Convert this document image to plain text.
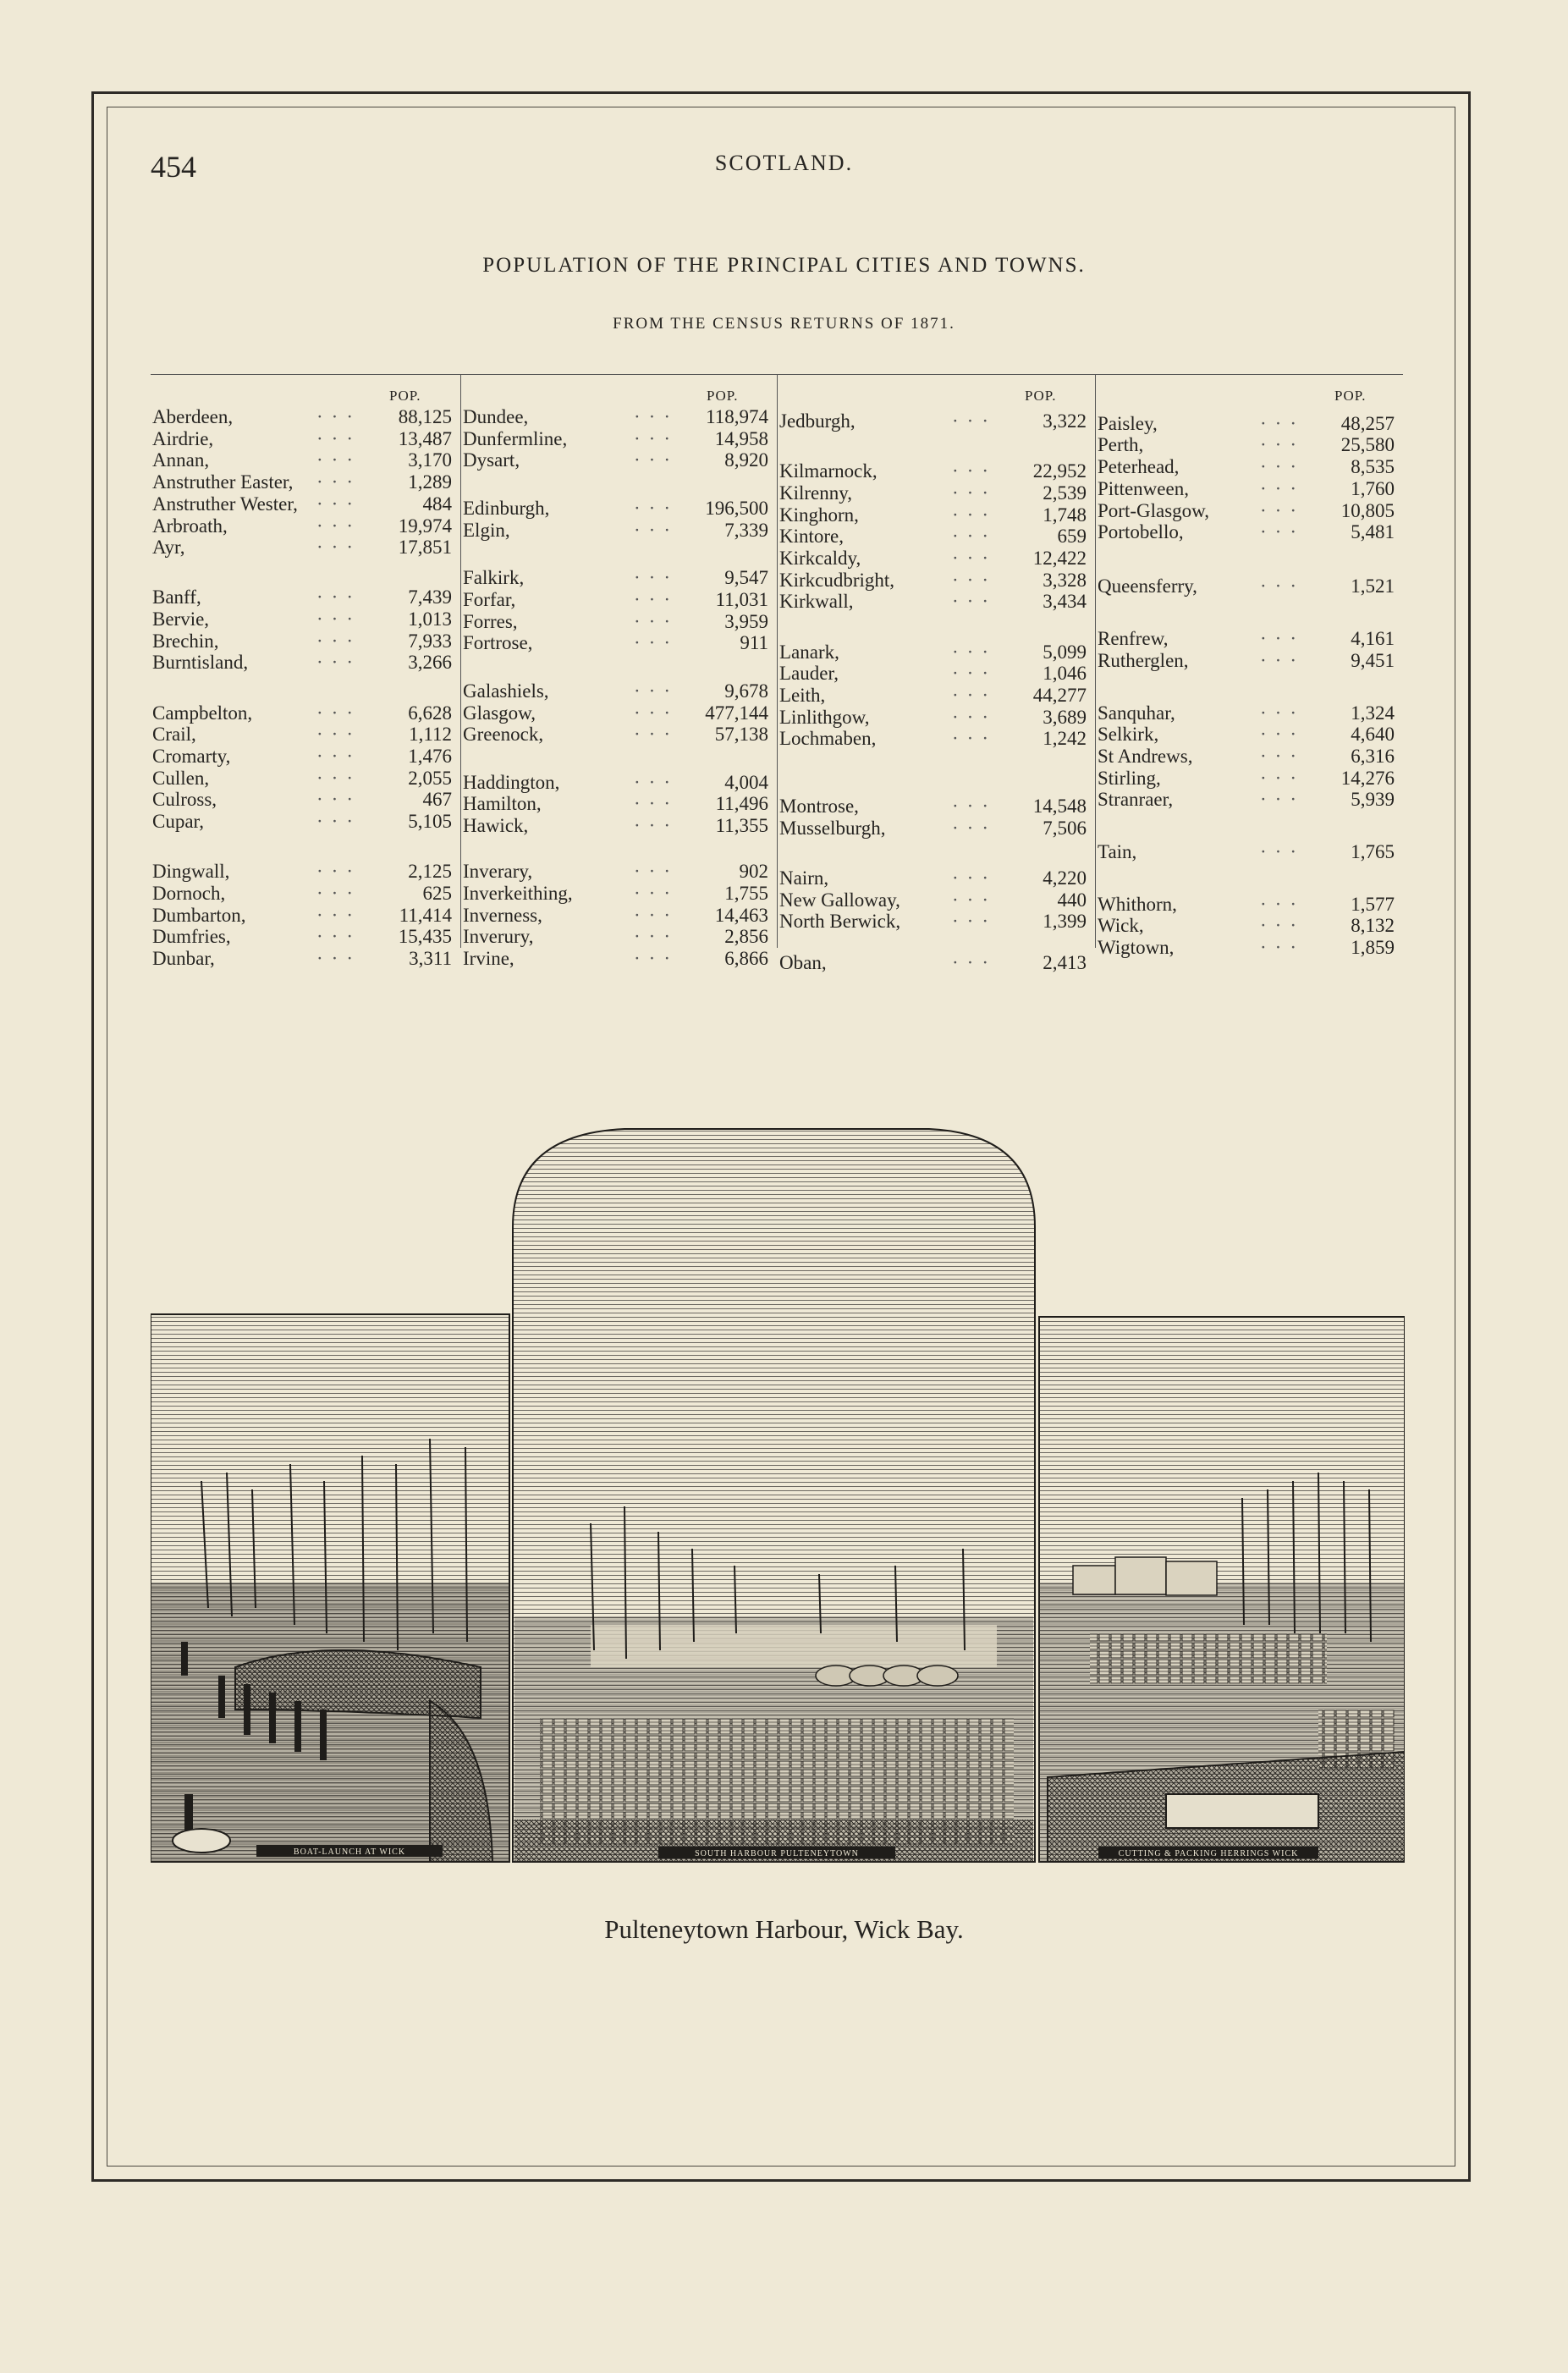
454	SCOTLAND.
POPULATION OF THE PRINCIPAL CITIES AND TOWNS.
FROM THE CENSUS RETURNS OF 1871.
POP.
Aberdeen,	··· 88,125
Airdrie,	··· 13,487
Annan,	··· 3,170
Anstruther Easter, ··· 1,289
Anstruther Wester, ···	484
Arbroath,	··· 19,974
Ayr,	··· 17,851
Banff,	··· 7,439
Bervie,	··· 1,013
Brechin,	··· 7,933
Burntisland,	··· 3,266
Campbelton,	··· 6,628
Crail,	··· 1,112
Cromarty,	··· 1,476
Cullen,	··· 2,055
Culross,	···	467
Cupar,	··· 5,105
Dingwall,	··· 2,125
Dornoch,	···	625
Dumbarton,	··· 11,414
Dumfries,	··· 15,435
Dunbar,	··· 3,311
POP.
Dundee,	··· 118,974
Dunfermline,	··· 14,958
Dysart,	··· 8,920
Edinburgh,	··· 196,500
Elgin,	··· 7,339
Falkirk,	··· 9,547
Forfar,	··· 11,031
Forres,	··· 3,959
Fortrose,	···	911
Galashiels,	··· 9,678
Glasgow,	··· 477,144
Greenock,	··· 57,138
Haddington,	··· 4,004
Hamilton,	··· 11,496
Hawick,	··· 11,355
Inverary,	···	902
Inverkeithing,	··· 1,755
Inverness,	··· 14,463
Inverury,	··· 2,856
Irvine,	··· 6,866
POP.
Jedburgh,	··· 3,322
Kilmarnock,	··· 22,952
Kilrenny,	··· 2,539
Kinghorn,	··· 1,748
Kintore,	···	659
Kirkcaldy,	··· 12,422
Kirkcudbright,	··· 3,328
Kirkwall,	··· 3,434
Lanark,	··· 5,099
Lauder,	··· 1,046
Leith,	··· 44,277
Linlithgow,	··· 3,689
Lochmaben,	··· 1,242
Montrose,	··· 14,548
Musselburgh,	··· 7,506
Nairn,	··· 4,220
New Galloway,	···	440
North Berwick,	··· 1,399
Oban,	··· 2,413
POP.
Paisley,	··· 48,257
Perth,	··· 25,580
Peterhead,	··· 8,535
Pittenween,	··· 1,760
Port-Glasgow,	··· 10,805
Portobello,	··· 5,481
Queensferry,	··· 1,521
Renfrew,	··· 4,161
Rutherglen,	··· 9,451
Sanquhar,	··· 1,324
Selkirk,	··· 4,640
St Andrews,	··· 6,316
Stirling,	··· 14,276
Stranraer,	··· 5,939
Tain,	··· 1,765
Whithorn,	··· 1,577
Wick,	··· 8,132
Wigtown,	··· 1,859
BOAT-LAUNCH AT WICK	SOUTH HARBOUR PULTENEYTOWN	CUTTING & PACKING HERRINGS WICK
Pulteneytown Harbour, Wick Bay.
